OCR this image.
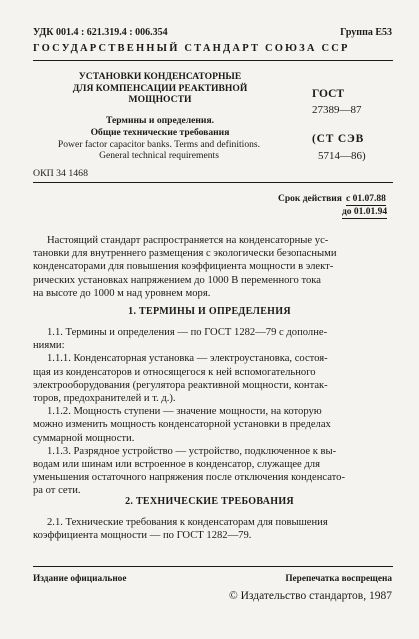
УДК 001.4 : 621.319.4 : 006.354	Группа Е53
ГОСУДАРСТВЕННЫЙ СТАНДАРТ СОЮЗА ССР
УСТАНОВКИ КОНДЕНСАТОРНЫЕ
ДЛЯ КОМПЕНСАЦИИ РЕАКТИВНОЙ
МОЩНОСТИ
Термины и определения.
Общие технические требования
Power factor capacitor banks. Terms and definitions.
General technical requirements
ГОСТ
27389—87
(СТ СЭВ
5714—86)
ОКП 34 1468
Срок действия с 01.07.88
до 01.01.94
Настоящий стандарт распространяется на конденсаторные ус-
тановки для внутреннего размещения с экологически безопасными
конденсаторами для повышения коэффициента мощности в элект-
рических установках напряжением до 1000 В переменного тока
на высоте до 1000 м над уровнем моря.
1. ТЕРМИНЫ И ОПРЕДЕЛЕНИЯ
1.1. Термины и определения — по ГОСТ 1282—79 с дополне-
ниями:
1.1.1. Конденсаторная установка — электроустановка, состоя-
щая из конденсаторов и относящегося к ней вспомогательного
электрооборудования (регулятора реактивной мощности, контак-
торов, предохранителей и т. д.).
1.1.2. Мощность ступени — значение мощности, на которую
можно изменить мощность конденсаторной установки в пределах
суммарной мощности.
1.1.3. Разрядное устройство — устройство, подключенное к вы-
водам или шинам или встроенное в конденсатор, служащее для
уменьшения остаточного напряжения после отключения конденсато-
ра от сети.
2. ТЕХНИЧЕСКИЕ ТРЕБОВАНИЯ
2.1. Технические требования к конденсаторам для повышения
коэффициента мощности — по ГОСТ 1282—79.
Издание официальное	Перепечатка воспрещена
© Издательство стандартов, 1987
